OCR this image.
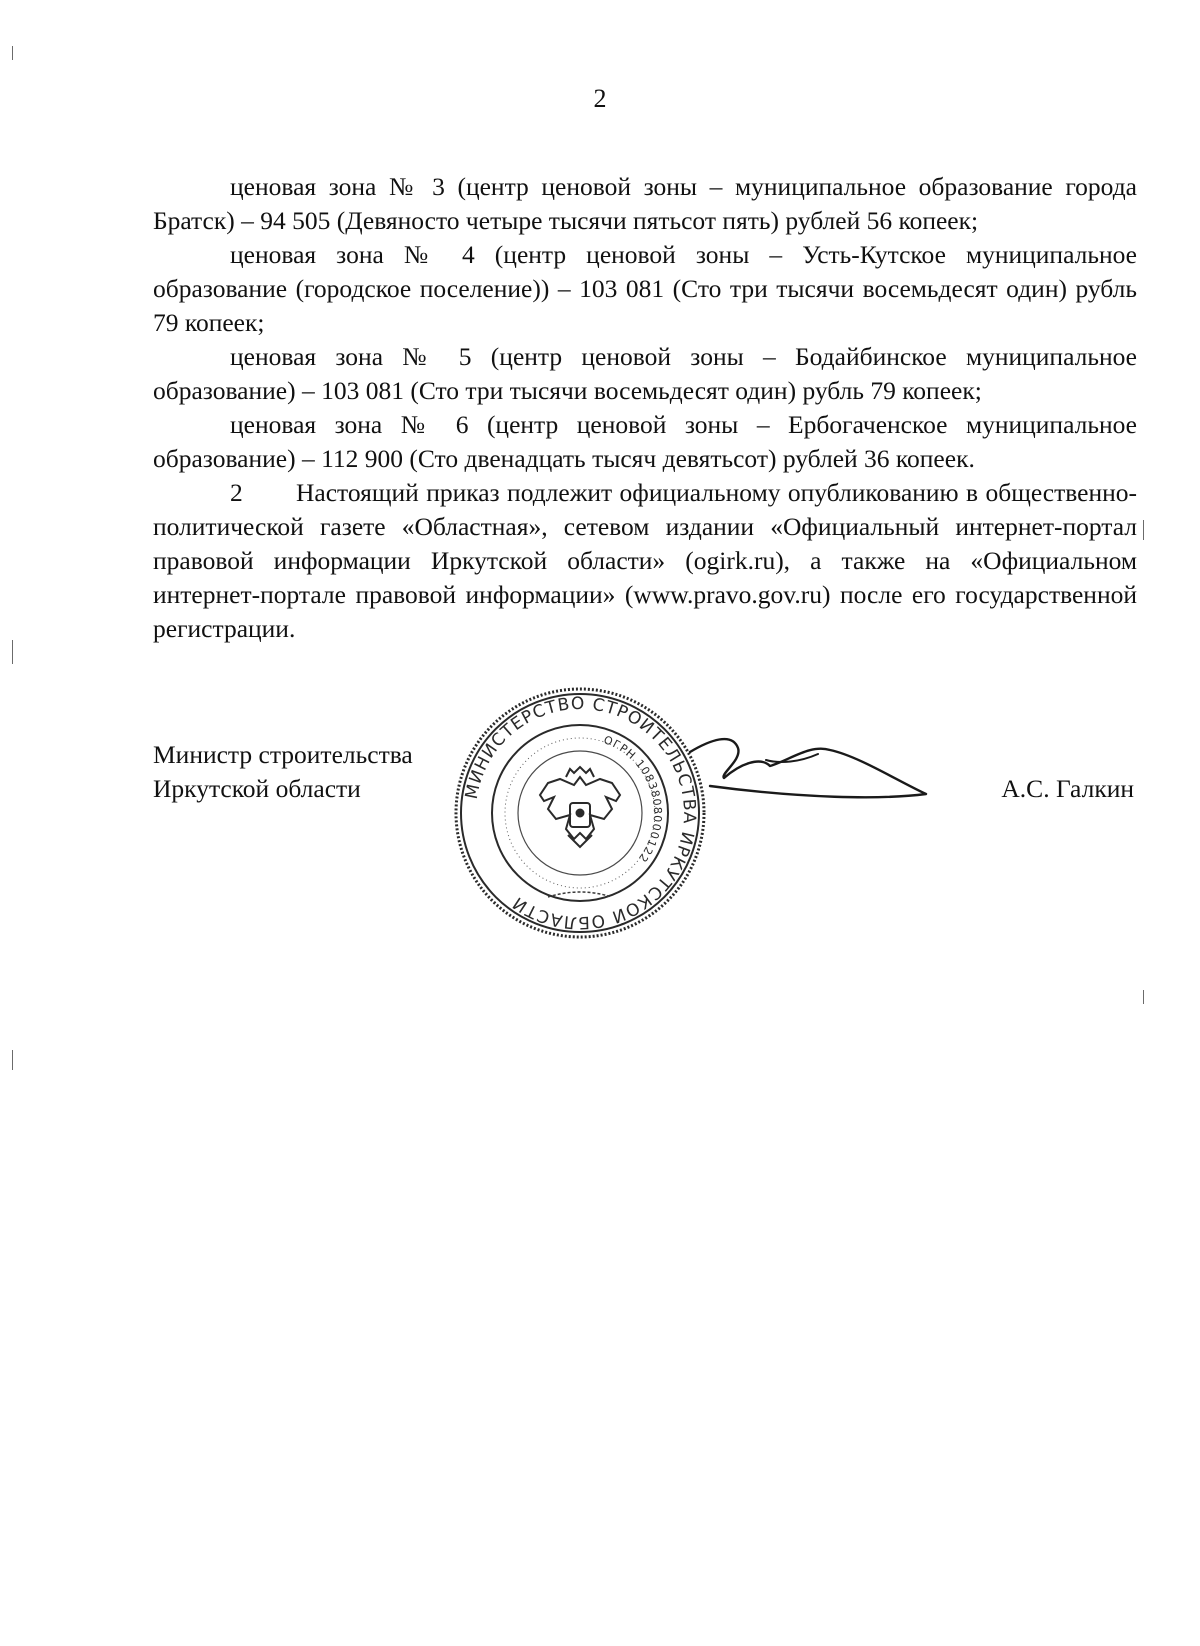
2

ценовая зона № 3 (центр ценовой зоны – муниципальное образование города Братск) – 94 505 (Девяносто четыре тысячи пятьсот пять) рублей 56 копеек;

ценовая зона № 4 (центр ценовой зоны – Усть-Кутское муниципальное образование (городское поселение)) – 103 081 (Сто три тысячи восемьдесят один) рубль 79 копеек;

ценовая зона № 5 (центр ценовой зоны – Бодайбинское муниципальное образование) – 103 081 (Сто три тысячи восемьдесят один) рубль 79 копеек;

ценовая зона № 6 (центр ценовой зоны – Ербогаченское муниципальное образование) – 112 900 (Сто двенадцать тысяч девятьсот) рублей 36 копеек.

2 Настоящий приказ подлежит официальному опубликованию в общественно-политической газете «Областная», сетевом издании «Официальный интернет-портал правовой информации Иркутской области» (ogirk.ru), а также на «Официальном интернет-портале правовой информации» (www.pravo.gov.ru) после его государственной регистрации.

Министр строительства
Иркутской области	МИНИСТЕРСТВО СТРОИТЕЛЬСТВА ИРКУТСКОЙ ОБЛАСТИ
ОГРН 1083808000122
А.С. Галкин
